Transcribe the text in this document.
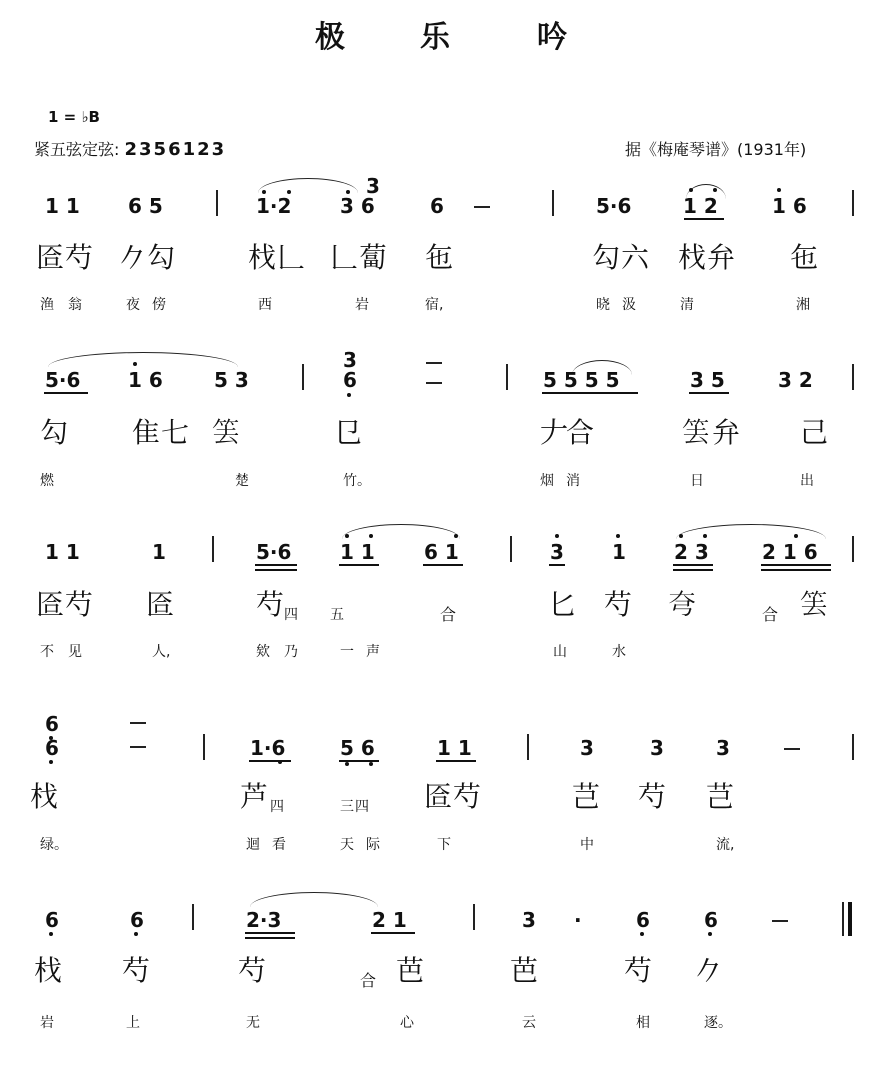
极	乐	吟
1 = ♭B
紧五弦定弦: 2356123	据《梅庵琴谱》(1931年)
1 1 6 5	1·2
3
3 6	6	5·6	1 2	1 6
匼芍 𠂊勾	𣏾𠃊 𠃊蔔 㐌	勾六 𣏾弁 㐌
渔 翁	夜 傍	西	岩	宿,	晓 汲	清	湘
5·6 1 6	5 3
3
6	5 5 5 5	3 5	3 2
勾 隹七 𥬔	㔾	𠂇
合	𥬔 弁 己
燃	楚	竹。	烟 消	日	出
1 1	1	5·6 1 1 6 1	3 1 2 3	2 1 6
匼芍 匼	芍
四 五	合	匕 芍 𡗝	合 𥬔
不 见	人,	欸 乃	一 声	山	水
6
6	1·6	5 6	1 1	3	3	3
𣏾	芦 四	三四 匼芍	芑 芍 芑
绿。	迴 看	天 际	下	中	流,
6	6	2·3	2 1	3 ·	6	6
𣏾 芍	芍	合 芭	芭	芍 𠂊
岩	上	无	心	云	相	逐。
